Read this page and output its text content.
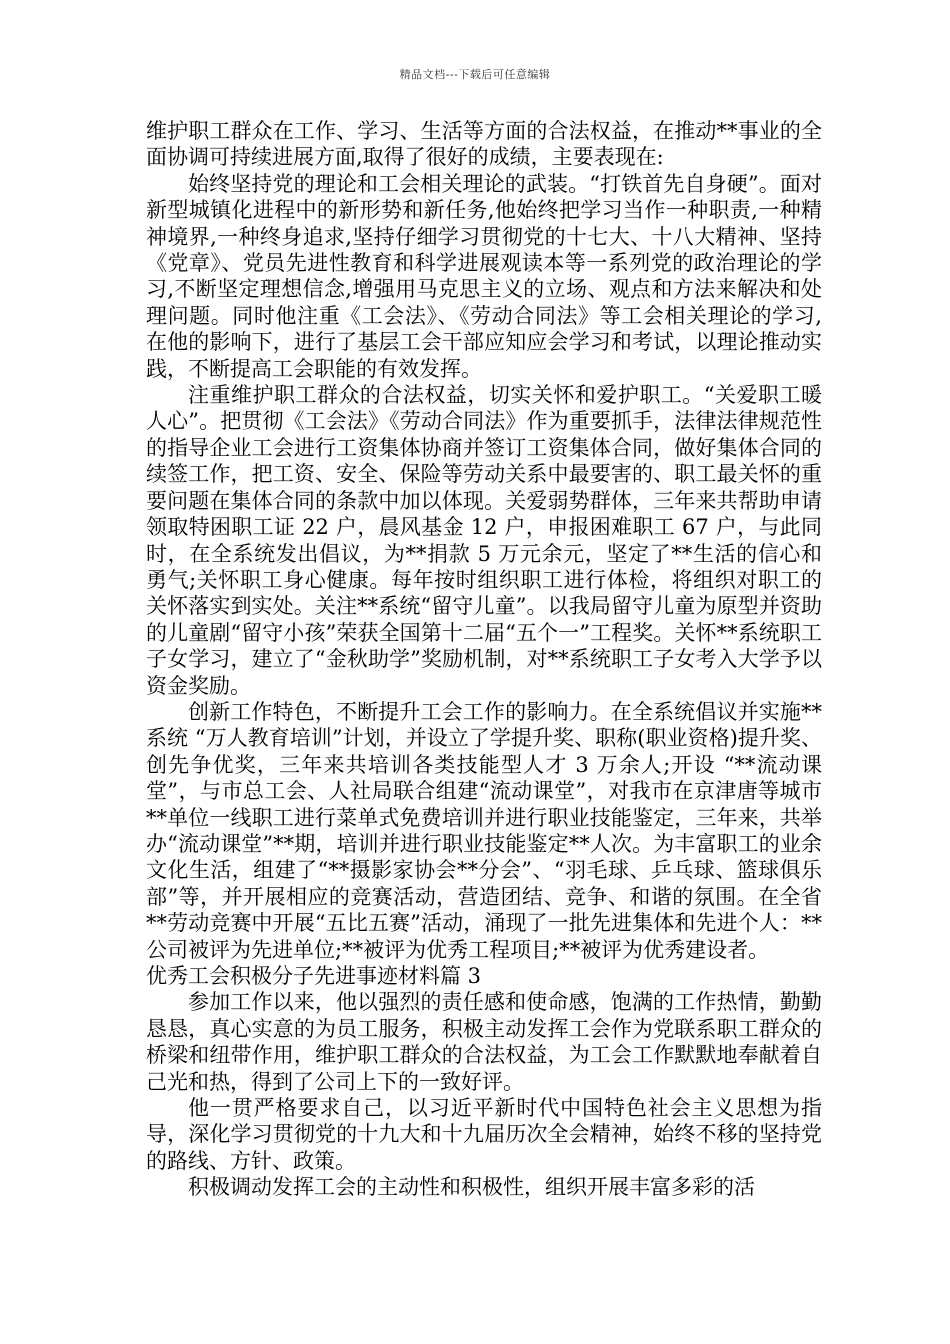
精品文档---下载后可任意编辑

维护职工群众在工作、学习、生活等方面的合法权益，在推动**事业的全面协调可持续进展方面,取得了很好的成绩，主要表现在:

始终坚持党的理论和工会相关理论的武装。“打铁首先自身硬”。面对新型城镇化进程中的新形势和新任务,他始终把学习当作一种职责,一种精神境界,一种终身追求,坚持仔细学习贯彻党的十七大、十八大精神、坚持《党章》、党员先进性教育和科学进展观读本等一系列党的政治理论的学习,不断坚定理想信念,增强用马克思主义的立场、观点和方法来解决和处理问题。同时他注重《工会法》、《劳动合同法》等工会相关理论的学习,在他的影响下，进行了基层工会干部应知应会学习和考试，以理论推动实践，不断提高工会职能的有效发挥。

注重维护职工群众的合法权益，切实关怀和爱护职工。“关爱职工暖人心”。把贯彻《工会法》《劳动合同法》作为重要抓手，法律法律规范性的指导企业工会进行工资集体协商并签订工资集体合同，做好集体合同的续签工作，把工资、安全、保险等劳动关系中最要害的、职工最关怀的重要问题在集体合同的条款中加以体现。关爱弱势群体，三年来共帮助申请领取特困职工证 22 户，晨风基金 12 户，申报困难职工 67 户，与此同时，在全系统发出倡议，为**捐款 5 万元余元，坚定了**生活的信心和勇气;关怀职工身心健康。每年按时组织职工进行体检，将组织对职工的关怀落实到实处。关注**系统“留守儿童”。以我局留守儿童为原型并资助的儿童剧“留守小孩”荣获全国第十二届“五个一”工程奖。关怀**系统职工子女学习，建立了“金秋助学”奖励机制，对**系统职工子女考入大学予以资金奖励。

创新工作特色，不断提升工会工作的影响力。在全系统倡议并实施**系统 “万人教育培训”计划，并设立了学提升奖、职称(职业资格)提升奖、创先争优奖，三年来共培训各类技能型人才 3 万余人;开设 “**流动课堂”，与市总工会、人社局联合组建“流动课堂”，对我市在京津唐等城市**单位一线职工进行菜单式免费培训并进行职业技能鉴定，三年来，共举办“流动课堂”**期，培训并进行职业技能鉴定**人次。为丰富职工的业余文化生活，组建了“**摄影家协会**分会”、“羽毛球、乒乓球、篮球俱乐部”等，并开展相应的竞赛活动，营造团结、竞争、和谐的氛围。在全省**劳动竞赛中开展“五比五赛”活动，涌现了一批先进集体和先进个人：**公司被评为先进单位;**被评为优秀工程项目;**被评为优秀建设者。

优秀工会积极分子先进事迹材料篇 3

参加工作以来，他以强烈的责任感和使命感，饱满的工作热情，勤勤恳恳，真心实意的为员工服务，积极主动发挥工会作为党联系职工群众的桥梁和纽带作用，维护职工群众的合法权益，为工会工作默默地奉献着自己光和热，得到了公司上下的一致好评。

他一贯严格要求自己，以习近平新时代中国特色社会主义思想为指导，深化学习贯彻党的十九大和十九届历次全会精神，始终不移的坚持党的路线、方针、政策。

积极调动发挥工会的主动性和积极性，组织开展丰富多彩的活
